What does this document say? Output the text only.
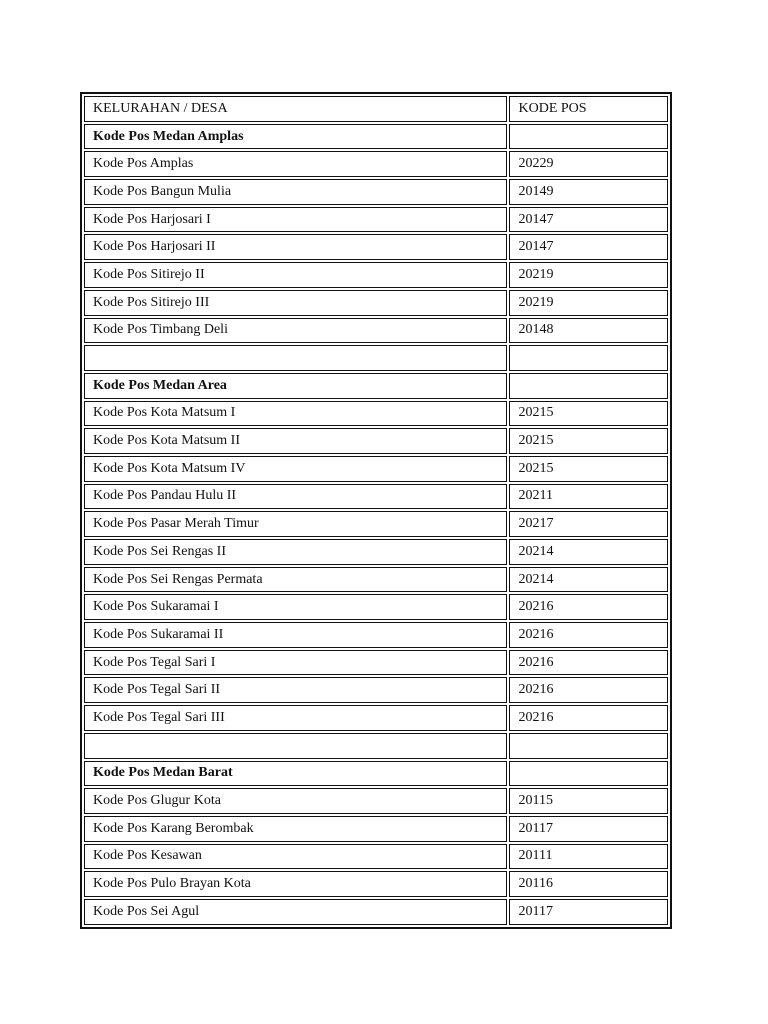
KELURAHAN / DESA	KODE POS
Kode Pos Medan Amplas	
Kode Pos Amplas	20229
Kode Pos Bangun Mulia	20149
Kode Pos Harjosari I	20147
Kode Pos Harjosari II	20147
Kode Pos Sitirejo II	20219
Kode Pos Sitirejo III	20219
Kode Pos Timbang Deli	20148

Kode Pos Medan Area	
Kode Pos Kota Matsum I	20215
Kode Pos Kota Matsum II	20215
Kode Pos Kota Matsum IV	20215
Kode Pos Pandau Hulu II	20211
Kode Pos Pasar Merah Timur	20217
Kode Pos Sei Rengas II	20214
Kode Pos Sei Rengas Permata	20214
Kode Pos Sukaramai I	20216
Kode Pos Sukaramai II	20216
Kode Pos Tegal Sari I	20216
Kode Pos Tegal Sari II	20216
Kode Pos Tegal Sari III	20216

Kode Pos Medan Barat	
Kode Pos Glugur Kota	20115
Kode Pos Karang Berombak	20117
Kode Pos Kesawan	20111
Kode Pos Pulo Brayan Kota	20116
Kode Pos Sei Agul	20117
